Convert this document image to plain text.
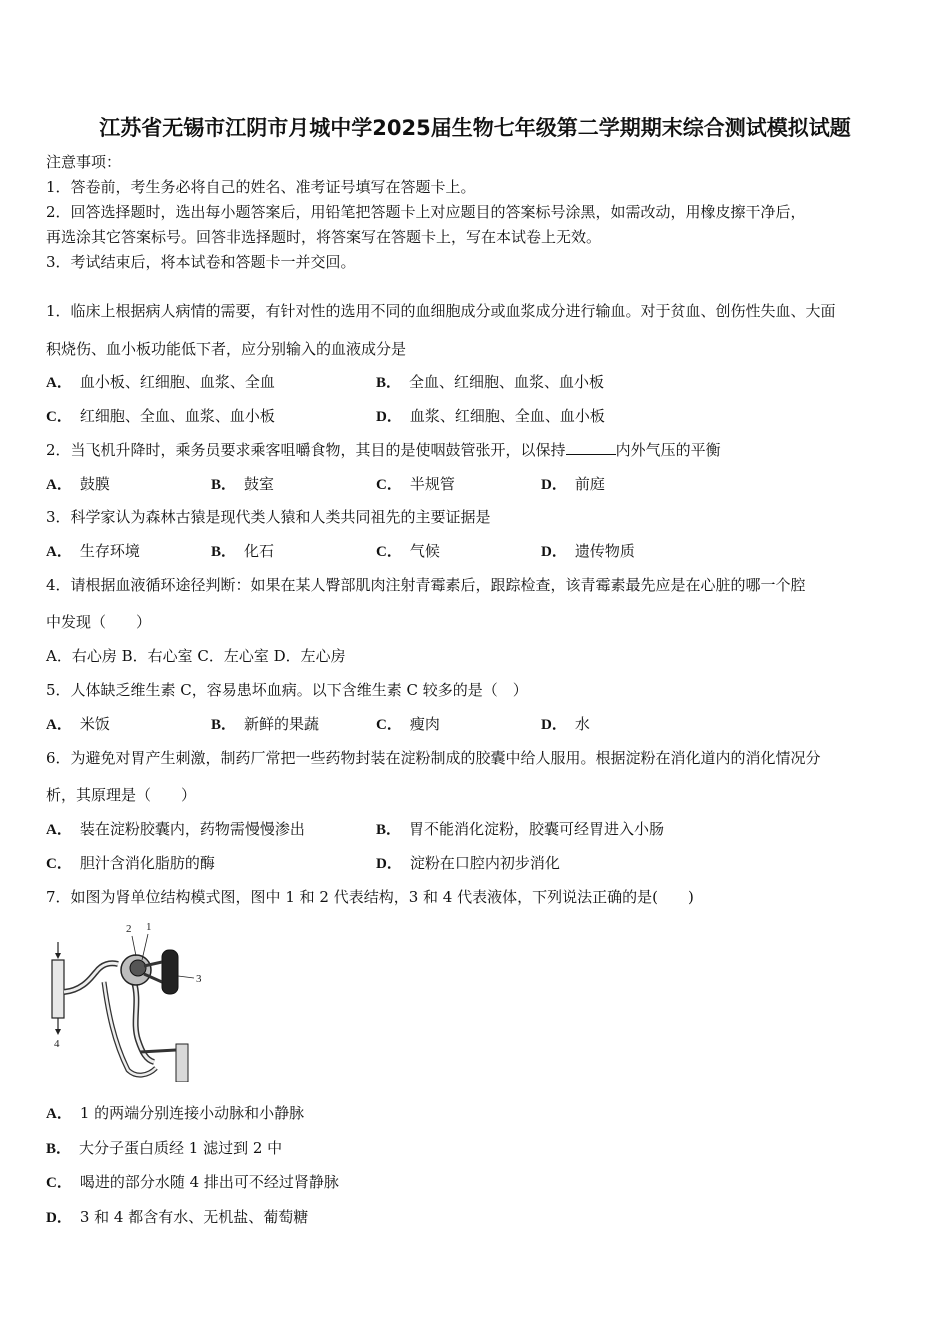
江苏省无锡市江阴市月城中学2025届生物七年级第二学期期末综合测试模拟试题
注意事项：
1．答卷前，考生务必将自己的姓名、准考证号填写在答题卡上。
2．回答选择题时，选出每小题答案后，用铅笔把答题卡上对应题目的答案标号涂黑，如需改动，用橡皮擦干净后，
再选涂其它答案标号。回答非选择题时，将答案写在答题卡上，写在本试卷上无效。
3．考试结束后，将本试卷和答题卡一并交回。
1．临床上根据病人病情的需要，有针对性的选用不同的血细胞成分或血浆成分进行输血。对于贫血、创伤性失血、大面
积烧伤、血小板功能低下者，应分别输入的血液成分是
A． 血小板、红细胞、血浆、全血	B． 全血、红细胞、血浆、血小板
C． 红细胞、全血、血浆、血小板	D． 血浆、红细胞、全血、血小板
2．当飞机升降时，乘务员要求乘客咀嚼食物，其目的是使咽鼓管张开，以保持	内外气压的平衡
A． 鼓膜	B． 鼓室	C． 半规管	D． 前庭
3．科学家认为森林古猿是现代类人猿和人类共同祖先的主要证据是
A． 生存环境	B． 化石	C． 气候	D． 遗传物质
4．请根据血液循环途径判断：如果在某人臀部肌肉注射青霉素后，跟踪检查，该青霉素最先应是在心脏的哪一个腔
中发现（　　）
A．右心房 B．右心室 C．左心室 D．左心房
5．人体缺乏维生素 C，容易患坏血病。以下含维生素 C 较多的是（　）
A． 米饭	B． 新鲜的果蔬	C． 瘦肉	D． 水
6．为避免对胃产生刺激，制药厂常把一些药物封装在淀粉制成的胶囊中给人服用。根据淀粉在消化道内的消化情况分
析，其原理是（　　）
A． 装在淀粉胶囊内，药物需慢慢渗出	B． 胃不能消化淀粉，胶囊可经胃进入小肠
C． 胆汁含消化脂肪的酶	D． 淀粉在口腔内初步消化
7．如图为肾单位结构模式图，图中 1 和 2 代表结构，3 和 4 代表液体，下列说法正确的是(　　)
4
2 1
3
A． 1 的两端分别连接小动脉和小静脉
B． 大分子蛋白质经 1 滤过到 2 中
C． 喝进的部分水随 4 排出可不经过肾静脉
D． 3 和 4 都含有水、无机盐、葡萄糖
